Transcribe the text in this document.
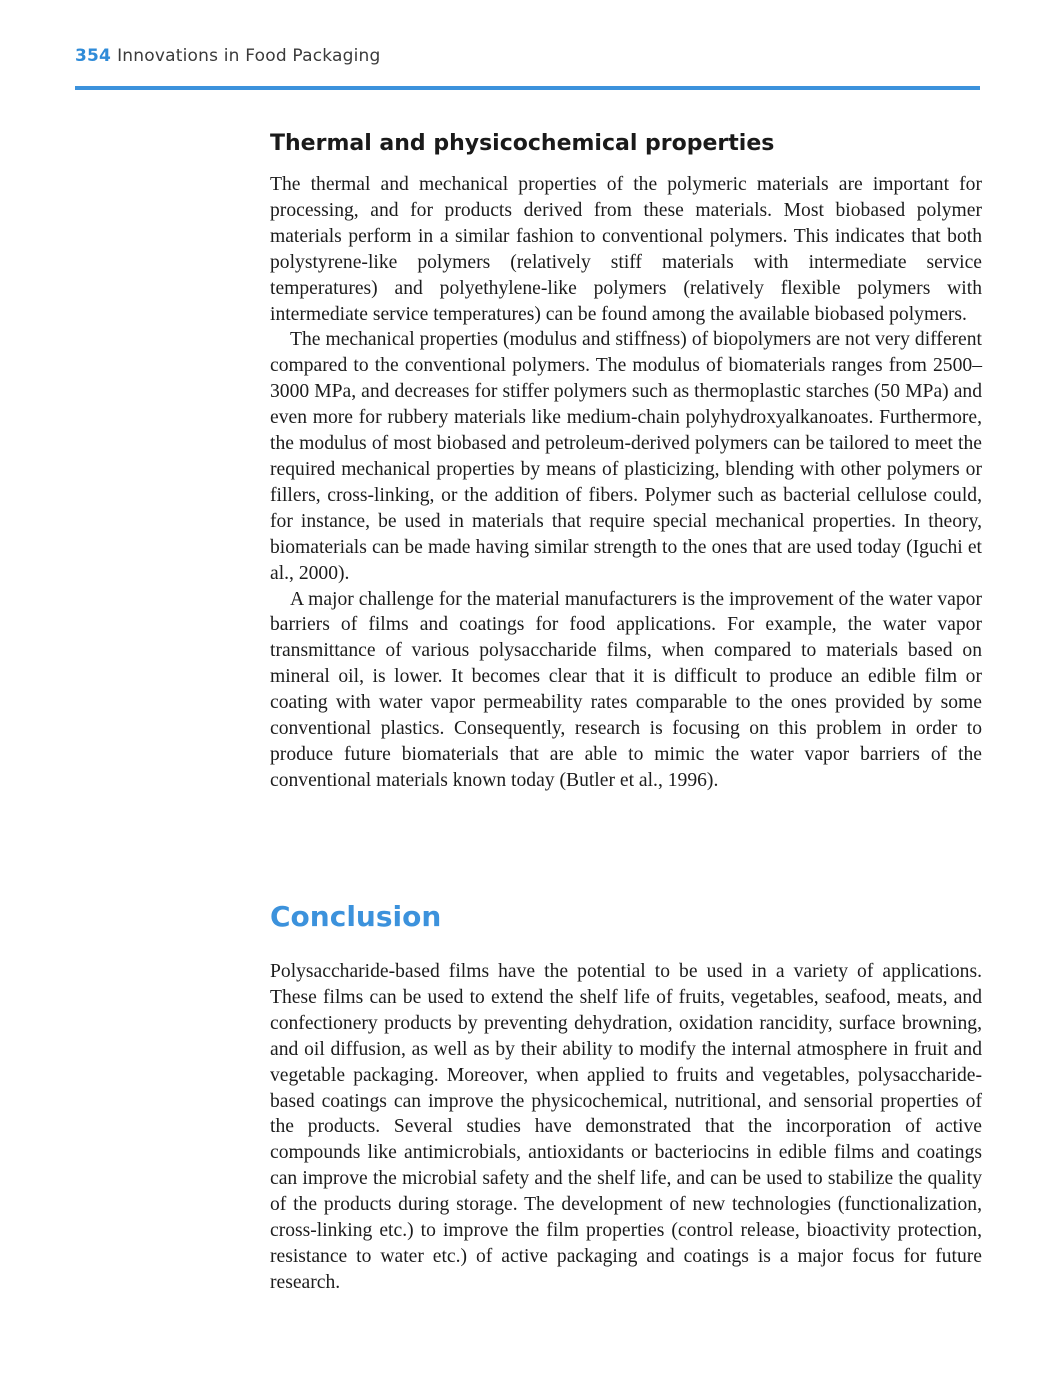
354 Innovations in Food Packaging
Thermal and physicochemical properties

The thermal and mechanical properties of the polymeric materials are important for processing, and for products derived from these materials. Most biobased polymer materials perform in a similar fashion to conventional polymers. This indicates that both polystyrene-like polymers (relatively stiff materials with intermediate service temperatures) and polyethylene-like polymers (relatively flexible polymers with intermediate service temperatures) can be found among the available biobased polymers.

The mechanical properties (modulus and stiffness) of biopolymers are not very different compared to the conventional polymers. The modulus of biomaterials ranges from 2500–3000 MPa, and decreases for stiffer polymers such as thermoplastic starches (50 MPa) and even more for rubbery materials like medium-chain polyhydroxyalkanoates. Furthermore, the modulus of most biobased and petroleum-derived polymers can be tailored to meet the required mechanical properties by means of plasticizing, blending with other polymers or fillers, cross-linking, or the addition of fibers. Polymer such as bacterial cellulose could, for instance, be used in materials that require special mechanical properties. In theory, biomaterials can be made having similar strength to the ones that are used today (Iguchi et al., 2000).

A major challenge for the material manufacturers is the improvement of the water vapor barriers of films and coatings for food applications. For example, the water vapor transmittance of various polysaccharide films, when compared to materials based on mineral oil, is lower. It becomes clear that it is difficult to produce an edible film or coating with water vapor permeability rates comparable to the ones provided by some conventional plastics. Consequently, research is focusing on this problem in order to produce future biomaterials that are able to mimic the water vapor barriers of the conventional materials known today (Butler et al., 1996).

Conclusion

Polysaccharide-based films have the potential to be used in a variety of applications. These films can be used to extend the shelf life of fruits, vegetables, seafood, meats, and confectionery products by preventing dehydration, oxidation rancidity, surface browning, and oil diffusion, as well as by their ability to modify the internal atmosphere in fruit and vegetable packaging. Moreover, when applied to fruits and vegetables, polysaccharide-based coatings can improve the physicochemical, nutritional, and sensorial properties of the products. Several studies have demonstrated that the incorporation of active compounds like antimicrobials, antioxidants or bacteriocins in edible films and coatings can improve the microbial safety and the shelf life, and can be used to stabilize the quality of the products during storage. The development of new technologies (functionalization, cross-linking etc.) to improve the film properties (control release, bioactivity protection, resistance to water etc.) of active packaging and coatings is a major focus for future research.
